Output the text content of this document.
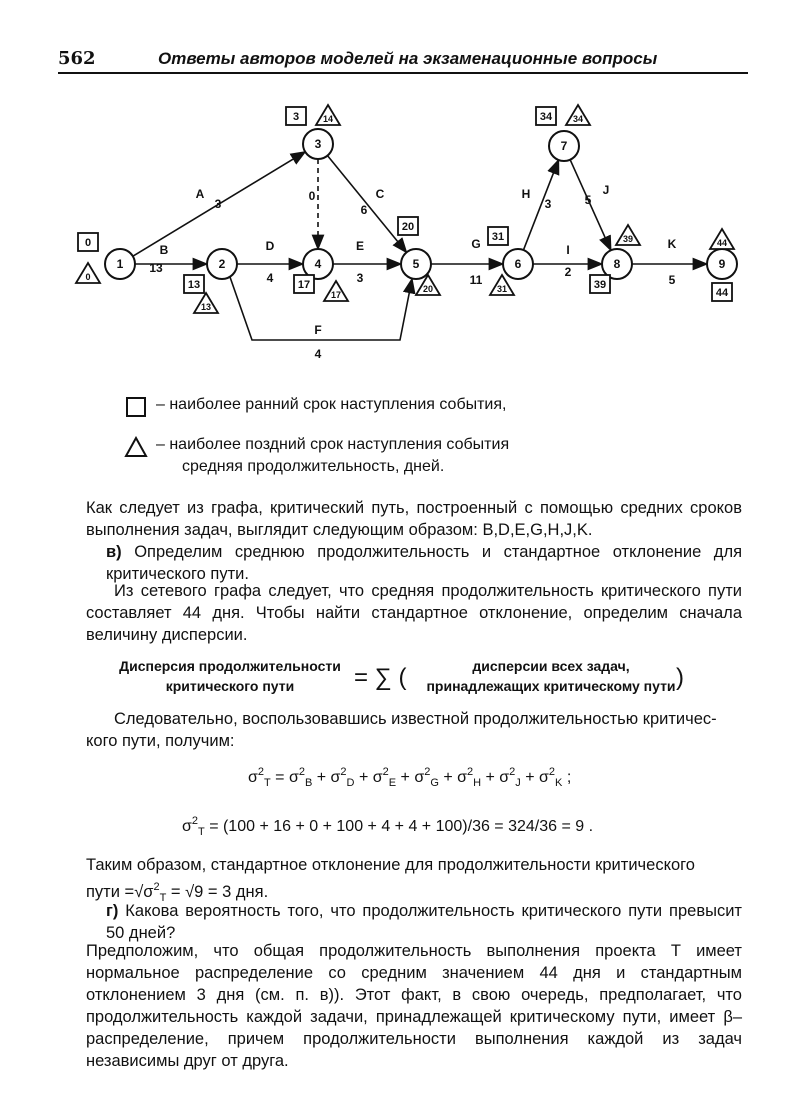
562	Ответы авторов моделей на экзаменационные вопросы
1
0
0
2
13
13
3
3	14
4
17
17
5
20
20
6
31
31
7
34 34
8
39
39
9
44
44
A
3
B
13
C
6
D
4
E
3
F
4
G
11
H
3
I
2
J
5
K
5
0
– наиболее ранний срок наступления события,
– наиболее поздний срок наступления события
средняя продолжительность, дней.
Как следует из графа, критический путь, построенный с помощью средних сроков выполнения задач, выглядит следующим образом: B,D,E,G,H,J,K.
в) Определим среднюю продолжительность и стандартное отклонение для критического пути.
Из сетевого графа следует, что средняя продолжительность критического пути составляет 44 дня. Чтобы найти стандартное отклонение, определим сначала величину дисперсии.
Дисперсия продолжительности
критического пути	= ∑ (	дисперсии всех задач,
принадлежащих критическому пути )
Следовательно, воспользовавшись известной продолжительностью критичес-
кого пути, получим:
$\sigma^2_T = \sigma^2_B + \sigma^2_D + \sigma^2_E + \sigma^2_G + \sigma^2_H + \sigma^2_J + \sigma^2_K$ ;
$\sigma^2_T = (100 + 16 + 0 + 100 + 4 + 4 + 100)/36 = 324/36 = 9$ .
Таким образом, стандартное отклонение для продолжительности критического
пути $=√\sigma^2_T = √9 = 3$ дня.
г) Какова вероятность того, что продолжительность критического пути превысит 50 дней?
Предположим, что общая продолжительность выполнения проекта Т имеет нормальное распределение со средним значением 44 дня и стандартным отклонением 3 дня (см. п. в)). Этот факт, в свою очередь, предполагает, что продолжительность каждой задачи, принадлежащей критическому пути, имеет β–распределение, причем продолжительности выполнения каждой из задач независимы друг от друга.
